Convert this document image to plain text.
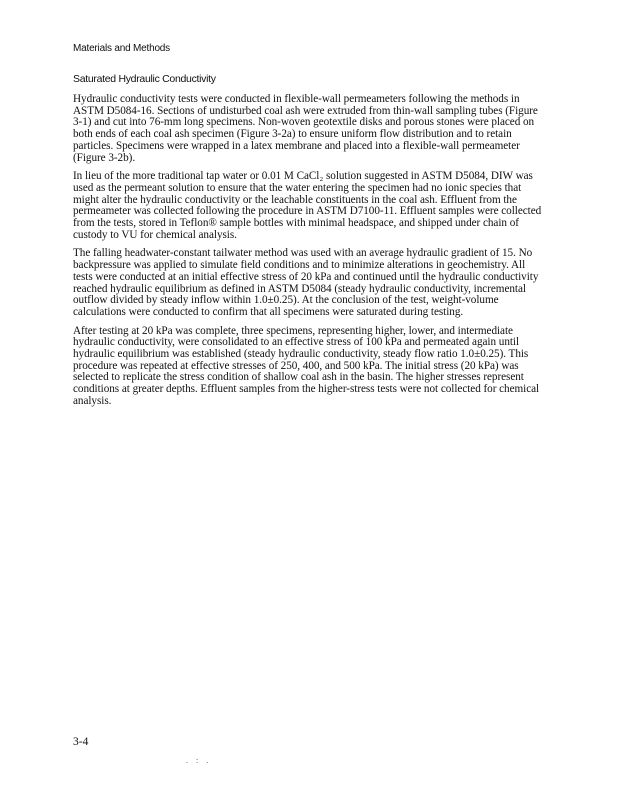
Materials and Methods
Saturated Hydraulic Conductivity

Hydraulic conductivity tests were conducted in flexible-wall permeameters following the methods in ASTM D5084-16. Sections of undisturbed coal ash were extruded from thin-wall sampling tubes (Figure 3-1) and cut into 76-mm long specimens. Non-woven geotextile disks and porous stones were placed on both ends of each coal ash specimen (Figure 3-2a) to ensure uniform flow distribution and to retain particles. Specimens were wrapped in a latex membrane and placed into a flexible-wall permeameter (Figure 3-2b).

In lieu of the more traditional tap water or 0.01 M CaCl₂ solution suggested in ASTM D5084, DIW was used as the permeant solution to ensure that the water entering the specimen had no ionic species that might alter the hydraulic conductivity or the leachable constituents in the coal ash. Effluent from the permeameter was collected following the procedure in ASTM D7100-11. Effluent samples were collected from the tests, stored in Teflon® sample bottles with minimal headspace, and shipped under chain of custody to VU for chemical analysis.

The falling headwater-constant tailwater method was used with an average hydraulic gradient of 15. No backpressure was applied to simulate field conditions and to minimize alterations in geochemistry. All tests were conducted at an initial effective stress of 20 kPa and continued until the hydraulic conductivity reached hydraulic equilibrium as defined in ASTM D5084 (steady hydraulic conductivity, incremental outflow divided by steady inflow within 1.0±0.25). At the conclusion of the test, weight-volume calculations were conducted to confirm that all specimens were saturated during testing.

After testing at 20 kPa was complete, three specimens, representing higher, lower, and intermediate hydraulic conductivity, were consolidated to an effective stress of 100 kPa and permeated again until hydraulic equilibrium was established (steady hydraulic conductivity, steady flow ratio 1.0±0.25). This procedure was repeated at effective stresses of 250, 400, and 500 kPa. The initial stress (20 kPa) was selected to replicate the stress condition of shallow coal ash in the basin. The higher stresses represent conditions at greater depths. Effluent samples from the higher-stress tests were not collected for chemical analysis.

3-4
. : .
